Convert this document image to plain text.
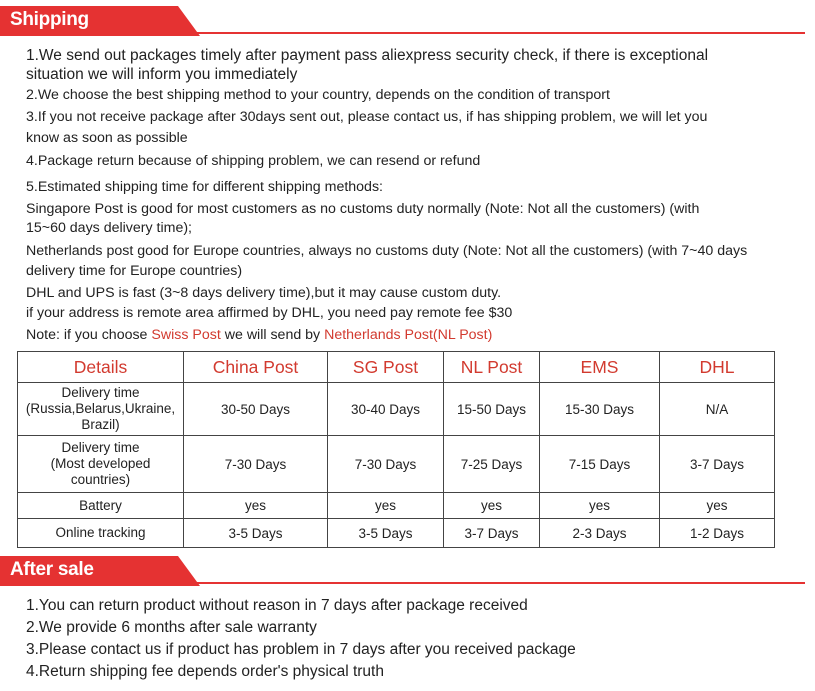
Shipping
1.We send out packages timely after payment pass aliexpress security check, if there is exceptional
situation we will inform you immediately
2.We choose the best shipping method to your country, depends on the condition of transport
3.If you not receive package after 30days sent out, please contact us, if has shipping problem, we will let you
know as soon as possible
4.Package return because of shipping problem, we can resend or refund
5.Estimated shipping time for different shipping methods:
Singapore Post is good for most customers as no customs duty normally (Note: Not all the customers) (with
15~60 days delivery time);
Netherlands post good for Europe countries, always no customs duty (Note: Not all the customers) (with 7~40 days
delivery time for Europe countries)
DHL and UPS is fast (3~8 days delivery time),but it may cause custom duty.
if your address is remote area affirmed by DHL, you need pay remote fee $30
Note: if you choose Swiss Post we will send by Netherlands Post(NL Post)
Details	China Post	SG Post	NL Post	EMS	DHL

Delivery time
(Russia,Belarus,Ukraine,
Brazil)	30-50 Days	30-40 Days	15-50 Days	15-30 Days	N/A

Delivery time
(Most developed
countries)	7-30 Days	7-30 Days	7-25 Days	7-15 Days	3-7 Days
Battery	yes	yes	yes	yes	yes
Online tracking	3-5 Days	3-5 Days	3-7 Days	2-3 Days	1-2 Days
After sale
1.You can return product without reason in 7 days after package received
2.We provide 6 months after sale warranty
3.Please contact us if product has problem in 7 days after you received package
4.Return shipping fee depends order's physical truth
